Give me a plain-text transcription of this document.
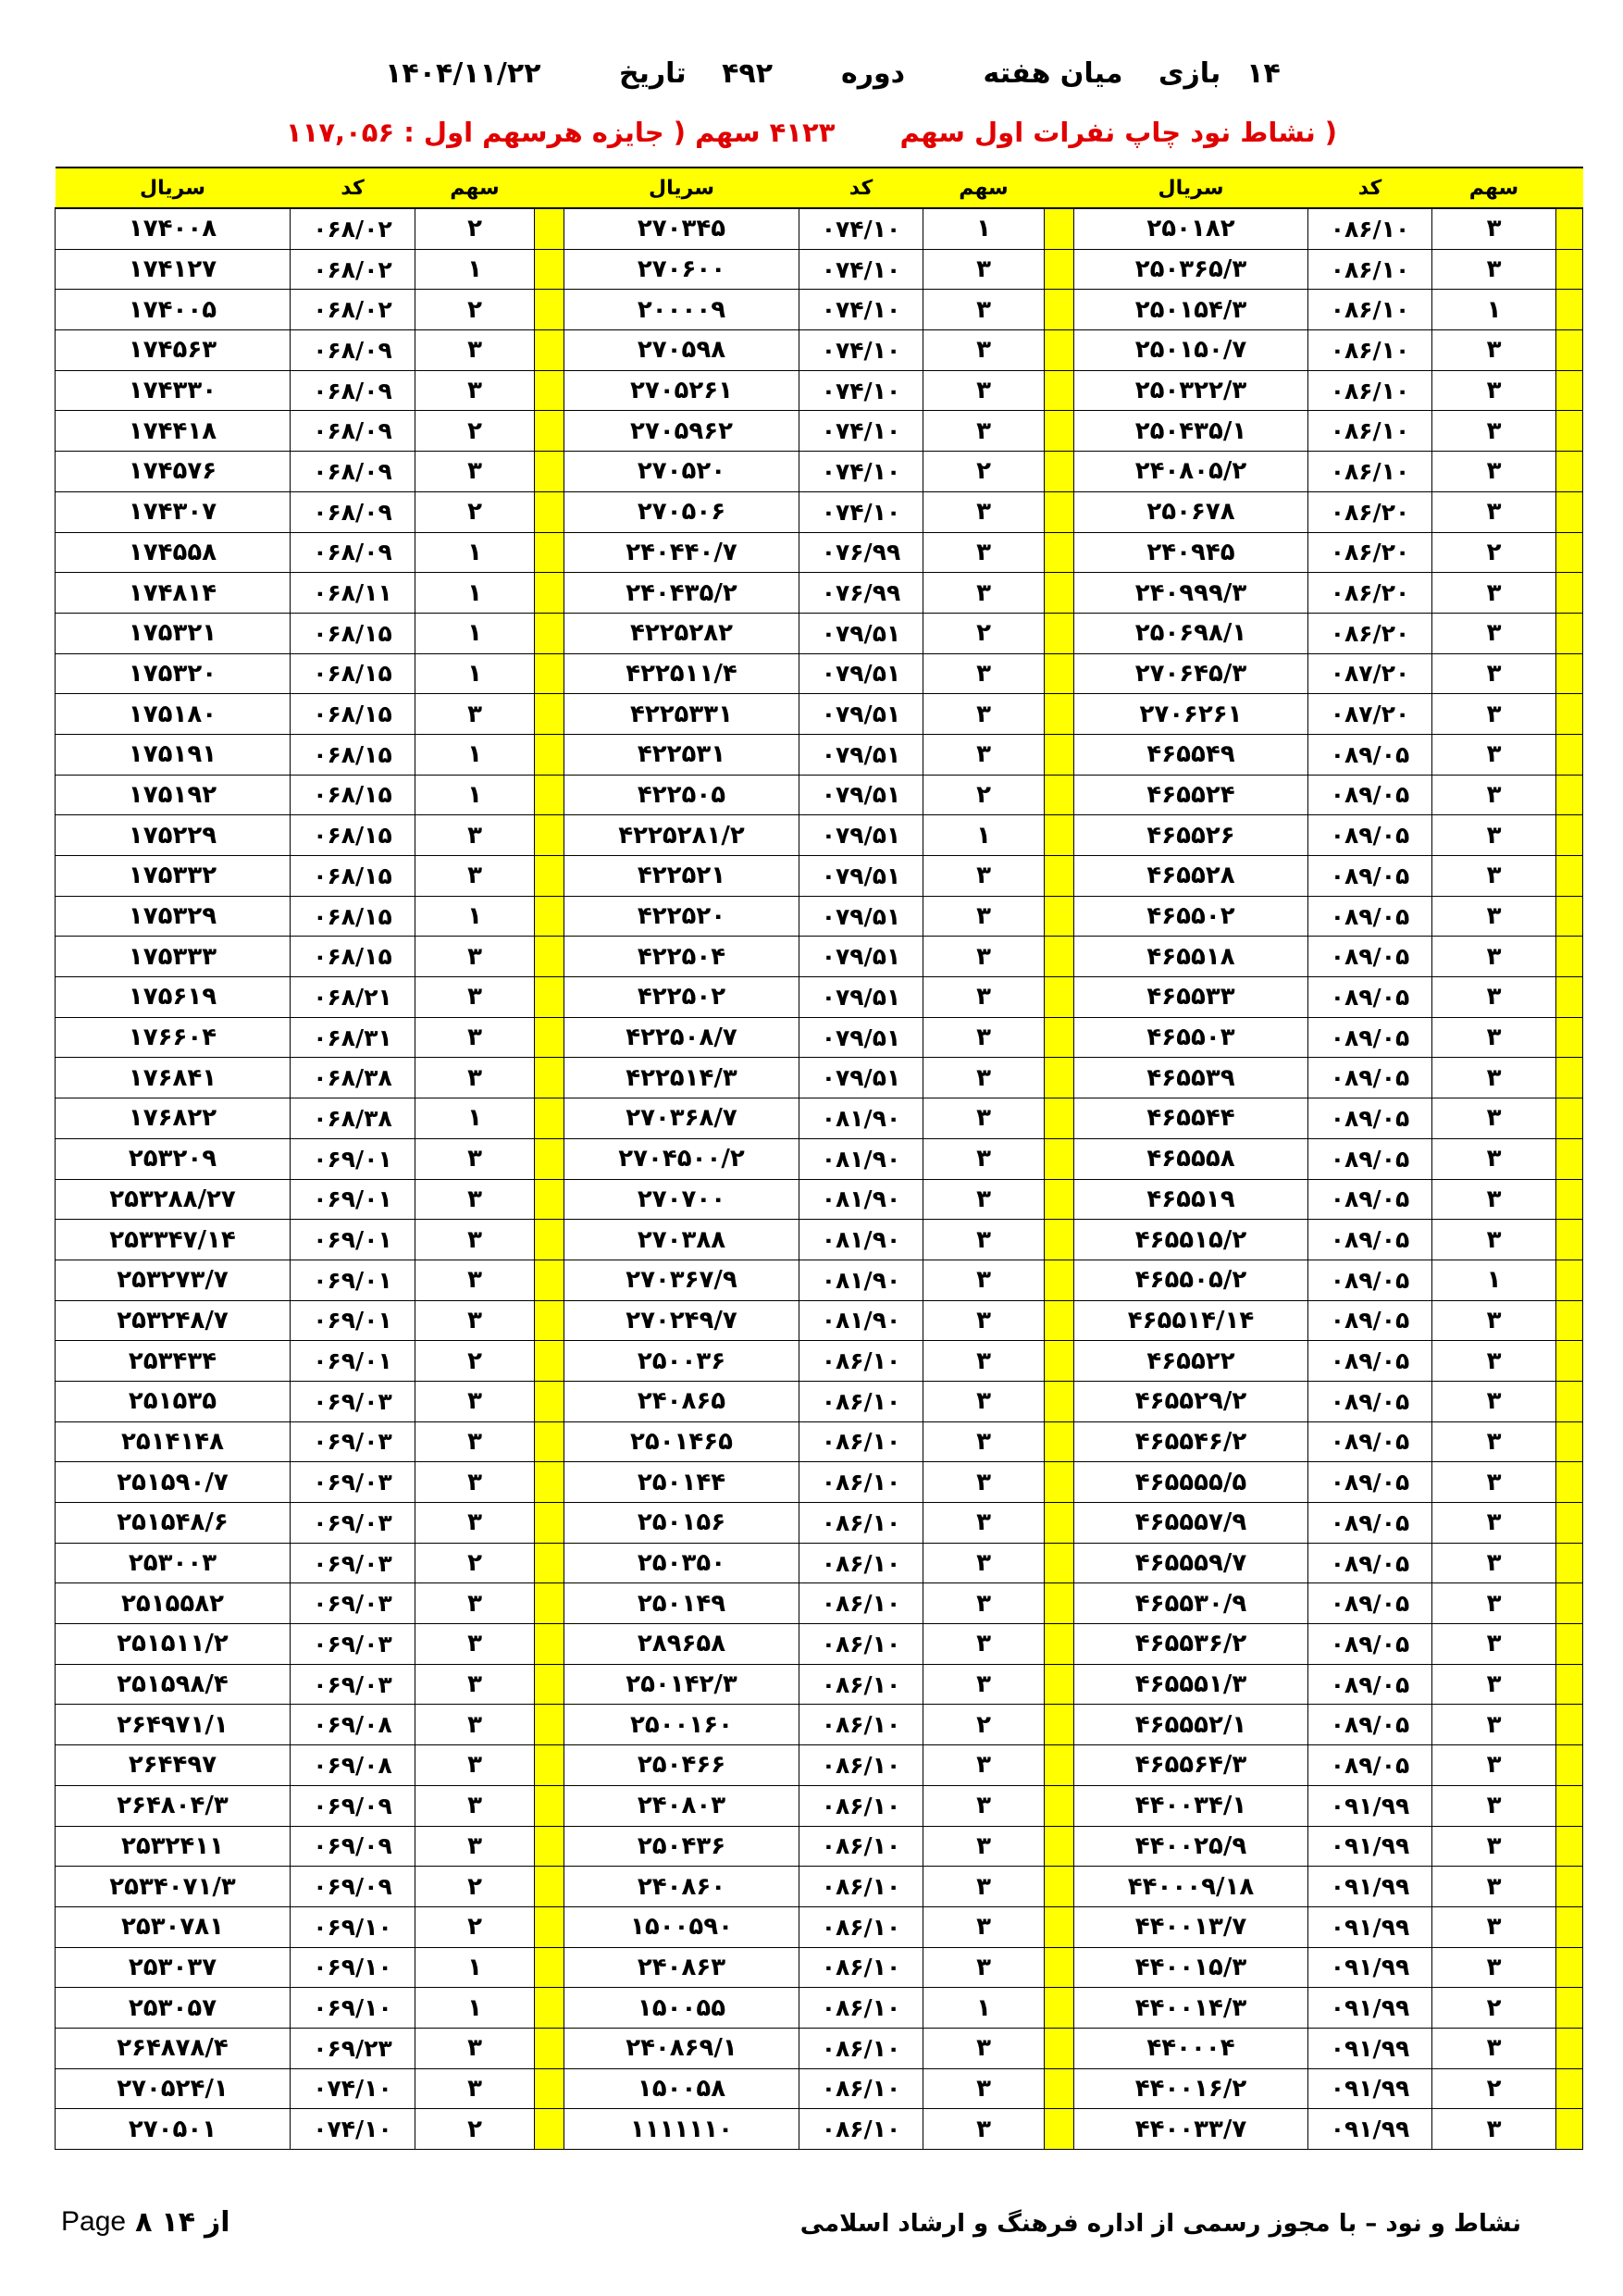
۱۴بازی میان هفته دوره۴۹۲ تاریخ ۱۴۰۴/۱۱/۲۲
( نشاط نود چاپ نفرات اول سهم ۴۱۲۳ سهم ( جایزه هرسهم اول : ۱۱۷,۰۵۶
سریال	کد	سهم		سریال	کد	سهم		سریال	کد	سهم	
۱۷۴۰۰۸	۰۶۸/۰۲	۲		۲۷۰۳۴۵	۰۷۴/۱۰	۱		۲۵۰۱۸۲	۰۸۶/۱۰	۳	
۱۷۴۱۲۷	۰۶۸/۰۲	۱		۲۷۰۶۰۰	۰۷۴/۱۰	۳		۲۵۰۳۶۵/۳	۰۸۶/۱۰	۳	
۱۷۴۰۰۵	۰۶۸/۰۲	۲		۲۰۰۰۰۹	۰۷۴/۱۰	۳		۲۵۰۱۵۴/۳	۰۸۶/۱۰	۱	
۱۷۴۵۶۳	۰۶۸/۰۹	۳		۲۷۰۵۹۸	۰۷۴/۱۰	۳		۲۵۰۱۵۰/۷	۰۸۶/۱۰	۳	
۱۷۴۳۳۰	۰۶۸/۰۹	۳		۲۷۰۵۲۶۱	۰۷۴/۱۰	۳		۲۵۰۳۲۲/۳	۰۸۶/۱۰	۳	
۱۷۴۴۱۸	۰۶۸/۰۹	۲		۲۷۰۵۹۶۲	۰۷۴/۱۰	۳		۲۵۰۴۳۵/۱	۰۸۶/۱۰	۳	
۱۷۴۵۷۶	۰۶۸/۰۹	۳		۲۷۰۵۲۰	۰۷۴/۱۰	۲		۲۴۰۸۰۵/۲	۰۸۶/۱۰	۳	
۱۷۴۳۰۷	۰۶۸/۰۹	۲		۲۷۰۵۰۶	۰۷۴/۱۰	۳		۲۵۰۶۷۸	۰۸۶/۲۰	۳	
۱۷۴۵۵۸	۰۶۸/۰۹	۱		۲۴۰۴۴۰/۷	۰۷۶/۹۹	۳		۲۴۰۹۴۵	۰۸۶/۲۰	۲	
۱۷۴۸۱۴	۰۶۸/۱۱	۱		۲۴۰۴۳۵/۲	۰۷۶/۹۹	۳		۲۴۰۹۹۹/۳	۰۸۶/۲۰	۳	
۱۷۵۳۲۱	۰۶۸/۱۵	۱		۴۲۲۵۲۸۲	۰۷۹/۵۱	۲		۲۵۰۶۹۸/۱	۰۸۶/۲۰	۳	
۱۷۵۳۲۰	۰۶۸/۱۵	۱		۴۲۲۵۱۱/۴	۰۷۹/۵۱	۳		۲۷۰۶۴۵/۳	۰۸۷/۲۰	۳	
۱۷۵۱۸۰	۰۶۸/۱۵	۳		۴۲۲۵۳۳۱	۰۷۹/۵۱	۳		۲۷۰۶۲۶۱	۰۸۷/۲۰	۳	
۱۷۵۱۹۱	۰۶۸/۱۵	۱		۴۲۲۵۳۱	۰۷۹/۵۱	۳		۴۶۵۵۴۹	۰۸۹/۰۵	۳	
۱۷۵۱۹۲	۰۶۸/۱۵	۱		۴۲۲۵۰۵	۰۷۹/۵۱	۲		۴۶۵۵۲۴	۰۸۹/۰۵	۳	
۱۷۵۲۲۹	۰۶۸/۱۵	۳		۴۲۲۵۲۸۱/۲	۰۷۹/۵۱	۱		۴۶۵۵۲۶	۰۸۹/۰۵	۳	
۱۷۵۳۳۲	۰۶۸/۱۵	۳		۴۲۲۵۲۱	۰۷۹/۵۱	۳		۴۶۵۵۲۸	۰۸۹/۰۵	۳	
۱۷۵۳۲۹	۰۶۸/۱۵	۱		۴۲۲۵۲۰	۰۷۹/۵۱	۳		۴۶۵۵۰۲	۰۸۹/۰۵	۳	
۱۷۵۳۳۳	۰۶۸/۱۵	۳		۴۲۲۵۰۴	۰۷۹/۵۱	۳		۴۶۵۵۱۸	۰۸۹/۰۵	۳	
۱۷۵۶۱۹	۰۶۸/۲۱	۳		۴۲۲۵۰۲	۰۷۹/۵۱	۳		۴۶۵۵۳۳	۰۸۹/۰۵	۳	
۱۷۶۶۰۴	۰۶۸/۳۱	۳		۴۲۲۵۰۸/۷	۰۷۹/۵۱	۳		۴۶۵۵۰۳	۰۸۹/۰۵	۳	
۱۷۶۸۴۱	۰۶۸/۳۸	۳		۴۲۲۵۱۴/۳	۰۷۹/۵۱	۳		۴۶۵۵۳۹	۰۸۹/۰۵	۳	
۱۷۶۸۲۲	۰۶۸/۳۸	۱		۲۷۰۳۶۸/۷	۰۸۱/۹۰	۳		۴۶۵۵۴۴	۰۸۹/۰۵	۳	
۲۵۳۲۰۹	۰۶۹/۰۱	۳		۲۷۰۴۵۰۰/۲	۰۸۱/۹۰	۳		۴۶۵۵۵۸	۰۸۹/۰۵	۳	
۲۵۳۲۸۸/۲۷	۰۶۹/۰۱	۳		۲۷۰۷۰۰	۰۸۱/۹۰	۳		۴۶۵۵۱۹	۰۸۹/۰۵	۳	
۲۵۳۳۴۷/۱۴	۰۶۹/۰۱	۳		۲۷۰۳۸۸	۰۸۱/۹۰	۳		۴۶۵۵۱۵/۲	۰۸۹/۰۵	۳	
۲۵۳۲۷۳/۷	۰۶۹/۰۱	۳		۲۷۰۳۶۷/۹	۰۸۱/۹۰	۳		۴۶۵۵۰۵/۲	۰۸۹/۰۵	۱	
۲۵۳۲۴۸/۷	۰۶۹/۰۱	۳		۲۷۰۲۴۹/۷	۰۸۱/۹۰	۳		۴۶۵۵۱۴/۱۴	۰۸۹/۰۵	۳	
۲۵۳۴۳۴	۰۶۹/۰۱	۲		۲۵۰۰۳۶	۰۸۶/۱۰	۳		۴۶۵۵۲۲	۰۸۹/۰۵	۳	
۲۵۱۵۳۵	۰۶۹/۰۳	۳		۲۴۰۸۶۵	۰۸۶/۱۰	۳		۴۶۵۵۲۹/۲	۰۸۹/۰۵	۳	
۲۵۱۴۱۴۸	۰۶۹/۰۳	۳		۲۵۰۱۴۶۵	۰۸۶/۱۰	۳		۴۶۵۵۴۶/۲	۰۸۹/۰۵	۳	
۲۵۱۵۹۰/۷	۰۶۹/۰۳	۳		۲۵۰۱۴۴	۰۸۶/۱۰	۳		۴۶۵۵۵۵/۵	۰۸۹/۰۵	۳	
۲۵۱۵۴۸/۶	۰۶۹/۰۳	۳		۲۵۰۱۵۶	۰۸۶/۱۰	۳		۴۶۵۵۵۷/۹	۰۸۹/۰۵	۳	
۲۵۳۰۰۳	۰۶۹/۰۳	۲		۲۵۰۳۵۰	۰۸۶/۱۰	۳		۴۶۵۵۵۹/۷	۰۸۹/۰۵	۳	
۲۵۱۵۵۸۲	۰۶۹/۰۳	۳		۲۵۰۱۴۹	۰۸۶/۱۰	۳		۴۶۵۵۳۰/۹	۰۸۹/۰۵	۳	
۲۵۱۵۱۱/۲	۰۶۹/۰۳	۳		۲۸۹۶۵۸	۰۸۶/۱۰	۳		۴۶۵۵۳۶/۲	۰۸۹/۰۵	۳	
۲۵۱۵۹۸/۴	۰۶۹/۰۳	۳		۲۵۰۱۴۲/۳	۰۸۶/۱۰	۳		۴۶۵۵۵۱/۳	۰۸۹/۰۵	۳	
۲۶۴۹۷۱/۱	۰۶۹/۰۸	۳		۲۵۰۰۱۶۰	۰۸۶/۱۰	۲		۴۶۵۵۵۲/۱	۰۸۹/۰۵	۳	
۲۶۴۴۹۷	۰۶۹/۰۸	۳		۲۵۰۴۶۶	۰۸۶/۱۰	۳		۴۶۵۵۶۴/۳	۰۸۹/۰۵	۳	
۲۶۴۸۰۴/۳	۰۶۹/۰۹	۳		۲۴۰۸۰۳	۰۸۶/۱۰	۳		۴۴۰۰۳۴/۱	۰۹۱/۹۹	۳	
۲۵۳۲۴۱۱	۰۶۹/۰۹	۳		۲۵۰۴۳۶	۰۸۶/۱۰	۳		۴۴۰۰۲۵/۹	۰۹۱/۹۹	۳	
۲۵۳۴۰۷۱/۳	۰۶۹/۰۹	۲		۲۴۰۸۶۰	۰۸۶/۱۰	۳		۴۴۰۰۰۹/۱۸	۰۹۱/۹۹	۳	
۲۵۳۰۷۸۱	۰۶۹/۱۰	۲		۱۵۰۰۵۹۰	۰۸۶/۱۰	۳		۴۴۰۰۱۳/۷	۰۹۱/۹۹	۳	
۲۵۳۰۳۷	۰۶۹/۱۰	۱		۲۴۰۸۶۳	۰۸۶/۱۰	۳		۴۴۰۰۱۵/۳	۰۹۱/۹۹	۳	
۲۵۳۰۵۷	۰۶۹/۱۰	۱		۱۵۰۰۵۵	۰۸۶/۱۰	۱		۴۴۰۰۱۴/۳	۰۹۱/۹۹	۲	
۲۶۴۸۷۸/۴	۰۶۹/۲۳	۳		۲۴۰۸۶۹/۱	۰۸۶/۱۰	۳		۴۴۰۰۰۴	۰۹۱/۹۹	۳	
۲۷۰۵۲۴/۱	۰۷۴/۱۰	۳		۱۵۰۰۵۸	۰۸۶/۱۰	۳		۴۴۰۰۱۶/۲	۰۹۱/۹۹	۲	
۲۷۰۵۰۱	۰۷۴/۱۰	۲		۱۱۱۱۱۱۰	۰۸۶/۱۰	۳		۴۴۰۰۳۳/۷	۰۹۱/۹۹	۳	
نشاط و نود – با مجوز رسمی از اداره فرهنگ و ارشاد اسلامی
Page ۸ ۱۴ از
